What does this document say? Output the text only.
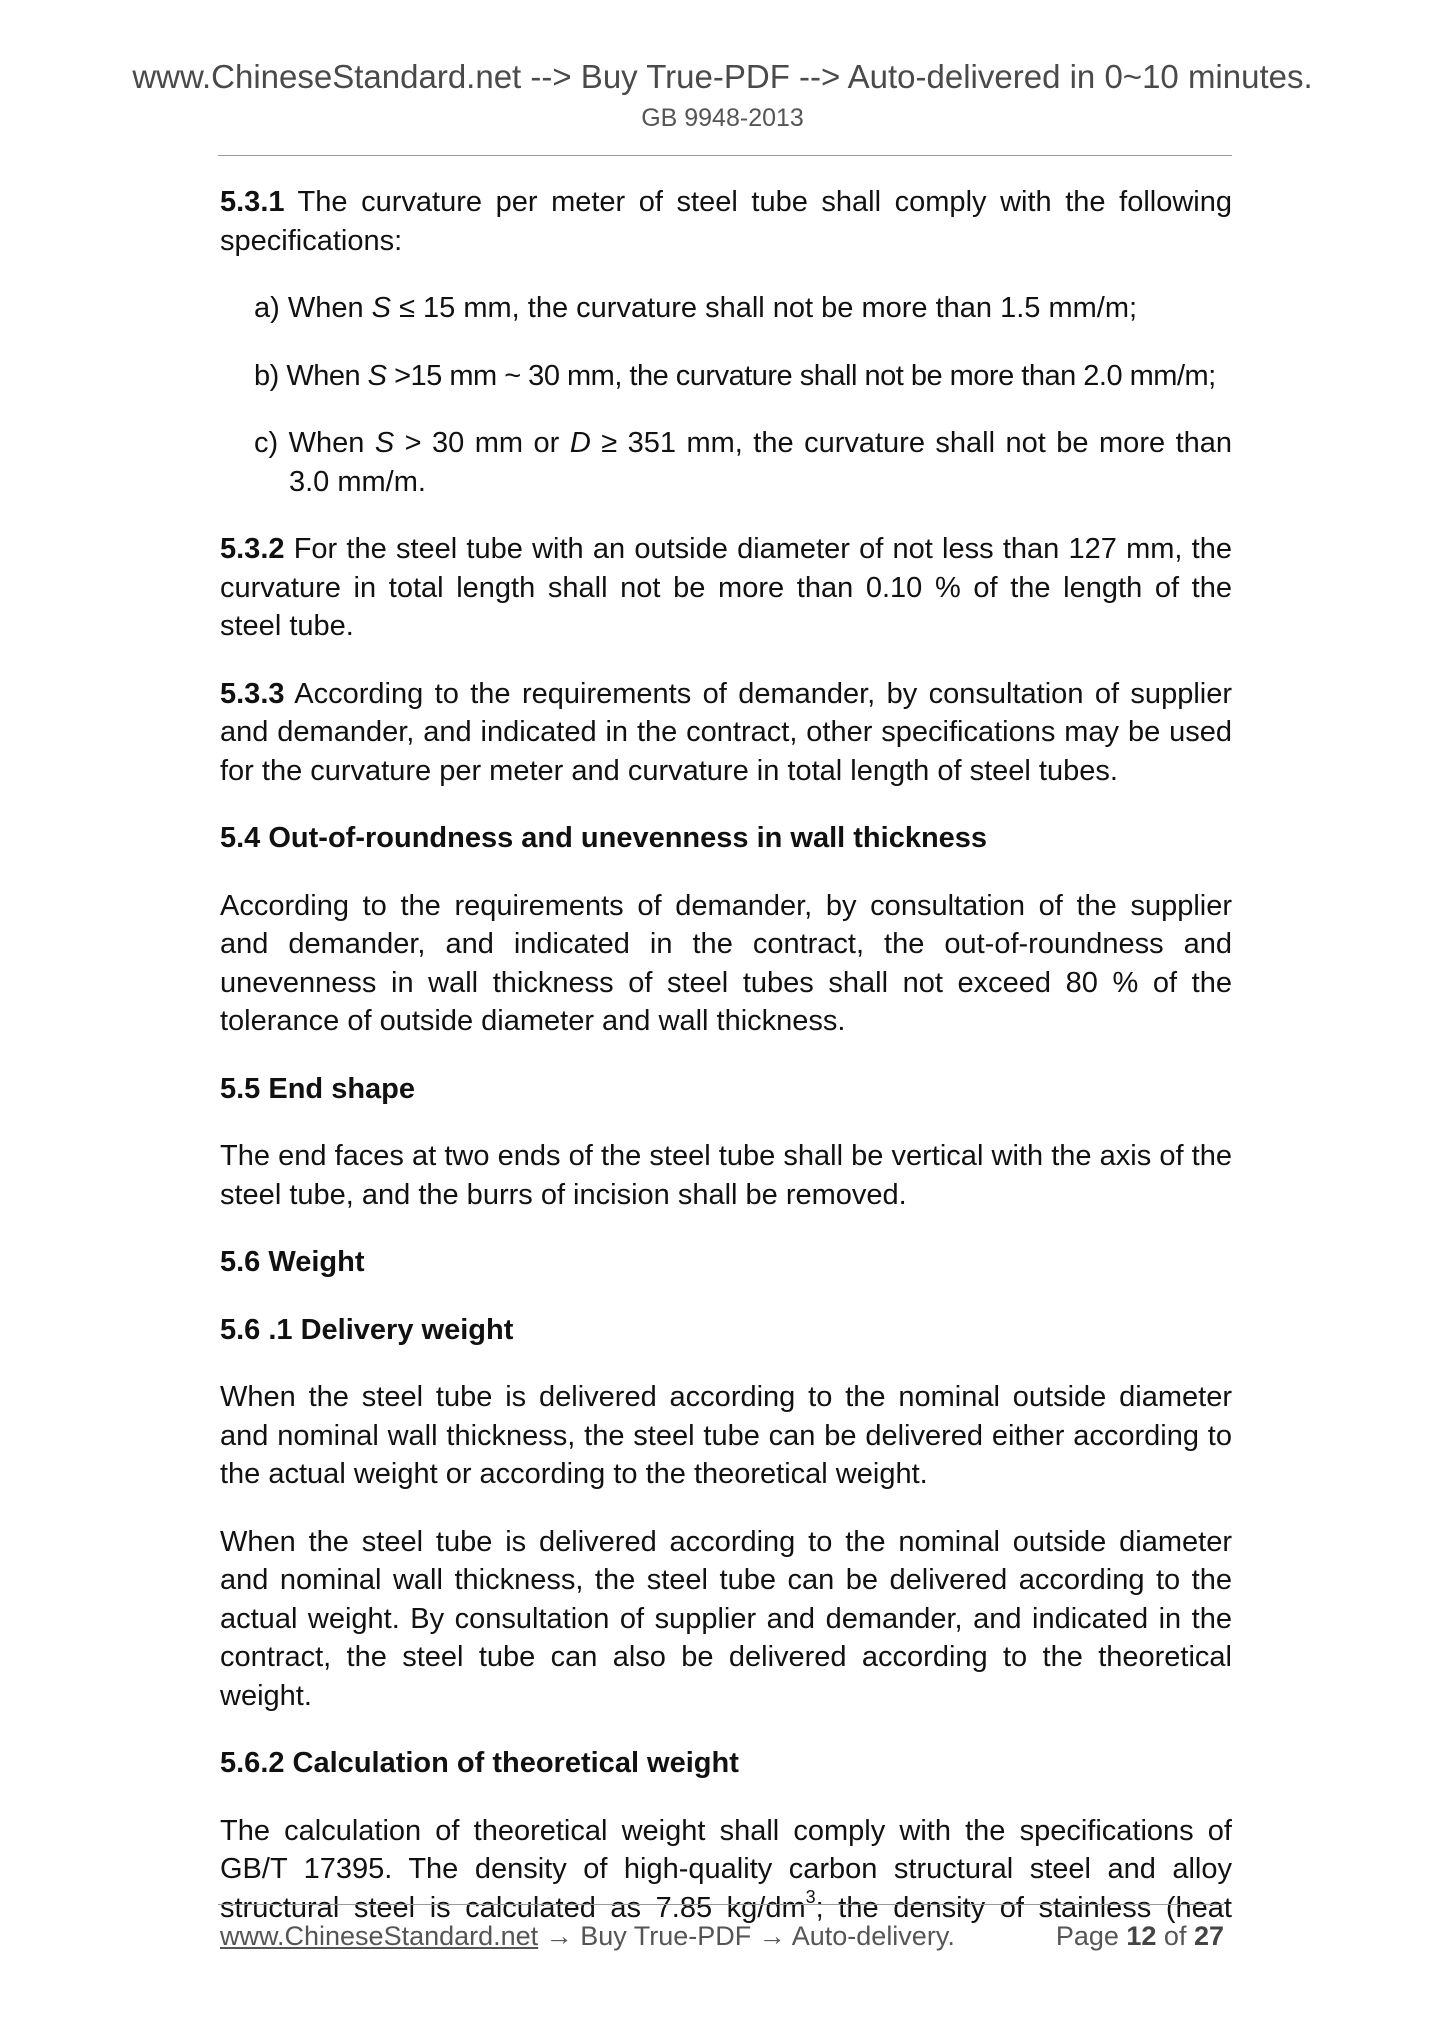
www.ChineseStandard.net --> Buy True-PDF --> Auto-delivered in 0~10 minutes.
GB 9948-2013

5.3.1 The curvature per meter of steel tube shall comply with the following specifications:

a) When S ≤ 15 mm, the curvature shall not be more than 1.5 mm/m;
b) When S >15 mm ~ 30 mm, the curvature shall not be more than 2.0 mm/m;
c) When S > 30 mm or D ≥ 351 mm, the curvature shall not be more than 3.0 mm/m.

5.3.2 For the steel tube with an outside diameter of not less than 127 mm, the curvature in total length shall not be more than 0.10 % of the length of the steel tube.

5.3.3 According to the requirements of demander, by consultation of supplier and demander, and indicated in the contract, other specifications may be used for the curvature per meter and curvature in total length of steel tubes.

5.4 Out-of-roundness and unevenness in wall thickness

According to the requirements of demander, by consultation of the supplier and demander, and indicated in the contract, the out-of-roundness and unevenness in wall thickness of steel tubes shall not exceed 80 % of the tolerance of outside diameter and wall thickness.

5.5 End shape

The end faces at two ends of the steel tube shall be vertical with the axis of the steel tube, and the burrs of incision shall be removed.

5.6 Weight
5.6 .1 Delivery weight

When the steel tube is delivered according to the nominal outside diameter and nominal wall thickness, the steel tube can be delivered either according to the actual weight or according to the theoretical weight.

When the steel tube is delivered according to the nominal outside diameter and nominal wall thickness, the steel tube can be delivered according to the actual weight. By consultation of supplier and demander, and indicated in the contract, the steel tube can also be delivered according to the theoretical weight.

5.6.2 Calculation of theoretical weight

The calculation of theoretical weight shall comply with the specifications of GB/T 17395. The density of high-quality carbon structural steel and alloy structural steel is calculated as 7.85 $kg/dm^3$; the density of stainless (heat

www.ChineseStandard.net → Buy True-PDF → Auto-delivery.	Page 12 of 27
